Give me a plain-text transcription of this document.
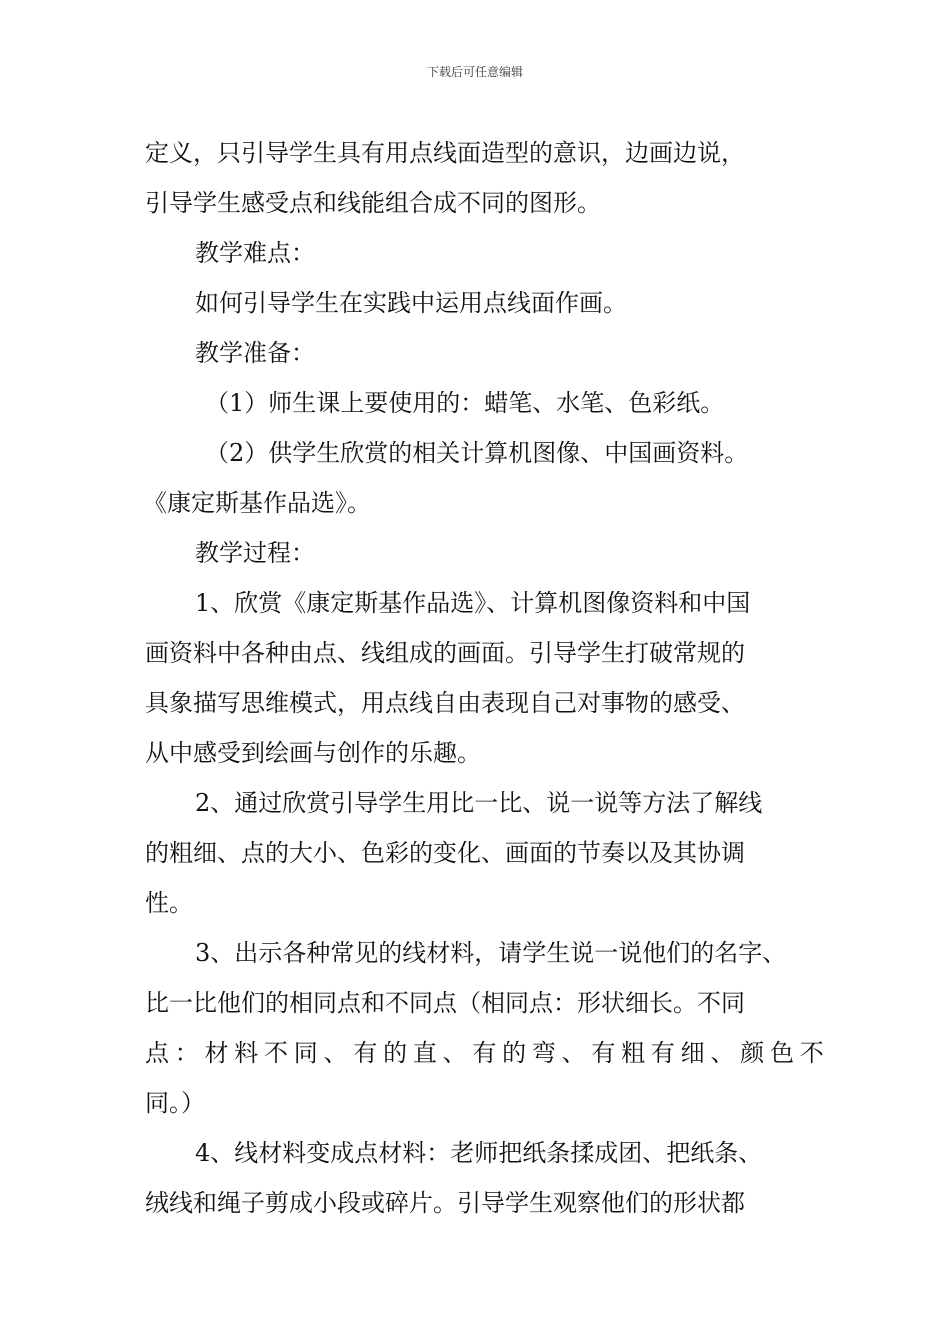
下载后可任意编辑
定义，只引导学生具有用点线面造型的意识，边画边说，
引导学生感受点和线能组合成不同的图形。
教学难点：
如何引导学生在实践中运用点线面作画。
教学准备：
（1）师生课上要使用的：蜡笔、水笔、色彩纸。
（2）供学生欣赏的相关计算机图像、中国画资料。
《康定斯基作品选》。
教学过程：
1、欣赏《康定斯基作品选》、计算机图像资料和中国
画资料中各种由点、线组成的画面。引导学生打破常规的
具象描写思维模式，用点线自由表现自己对事物的感受、
从中感受到绘画与创作的乐趣。
2、通过欣赏引导学生用比一比、说一说等方法了解线
的粗细、点的大小、色彩的变化、画面的节奏以及其协调
性。
3、出示各种常见的线材料，请学生说一说他们的名字、
比一比他们的相同点和不同点（相同点：形状细长。不同
点：材料不同、有的直、有的弯、有粗有细、颜色不
同。）
4、线材料变成点材料：老师把纸条揉成团、把纸条、
绒线和绳子剪成小段或碎片。引导学生观察他们的形状都
